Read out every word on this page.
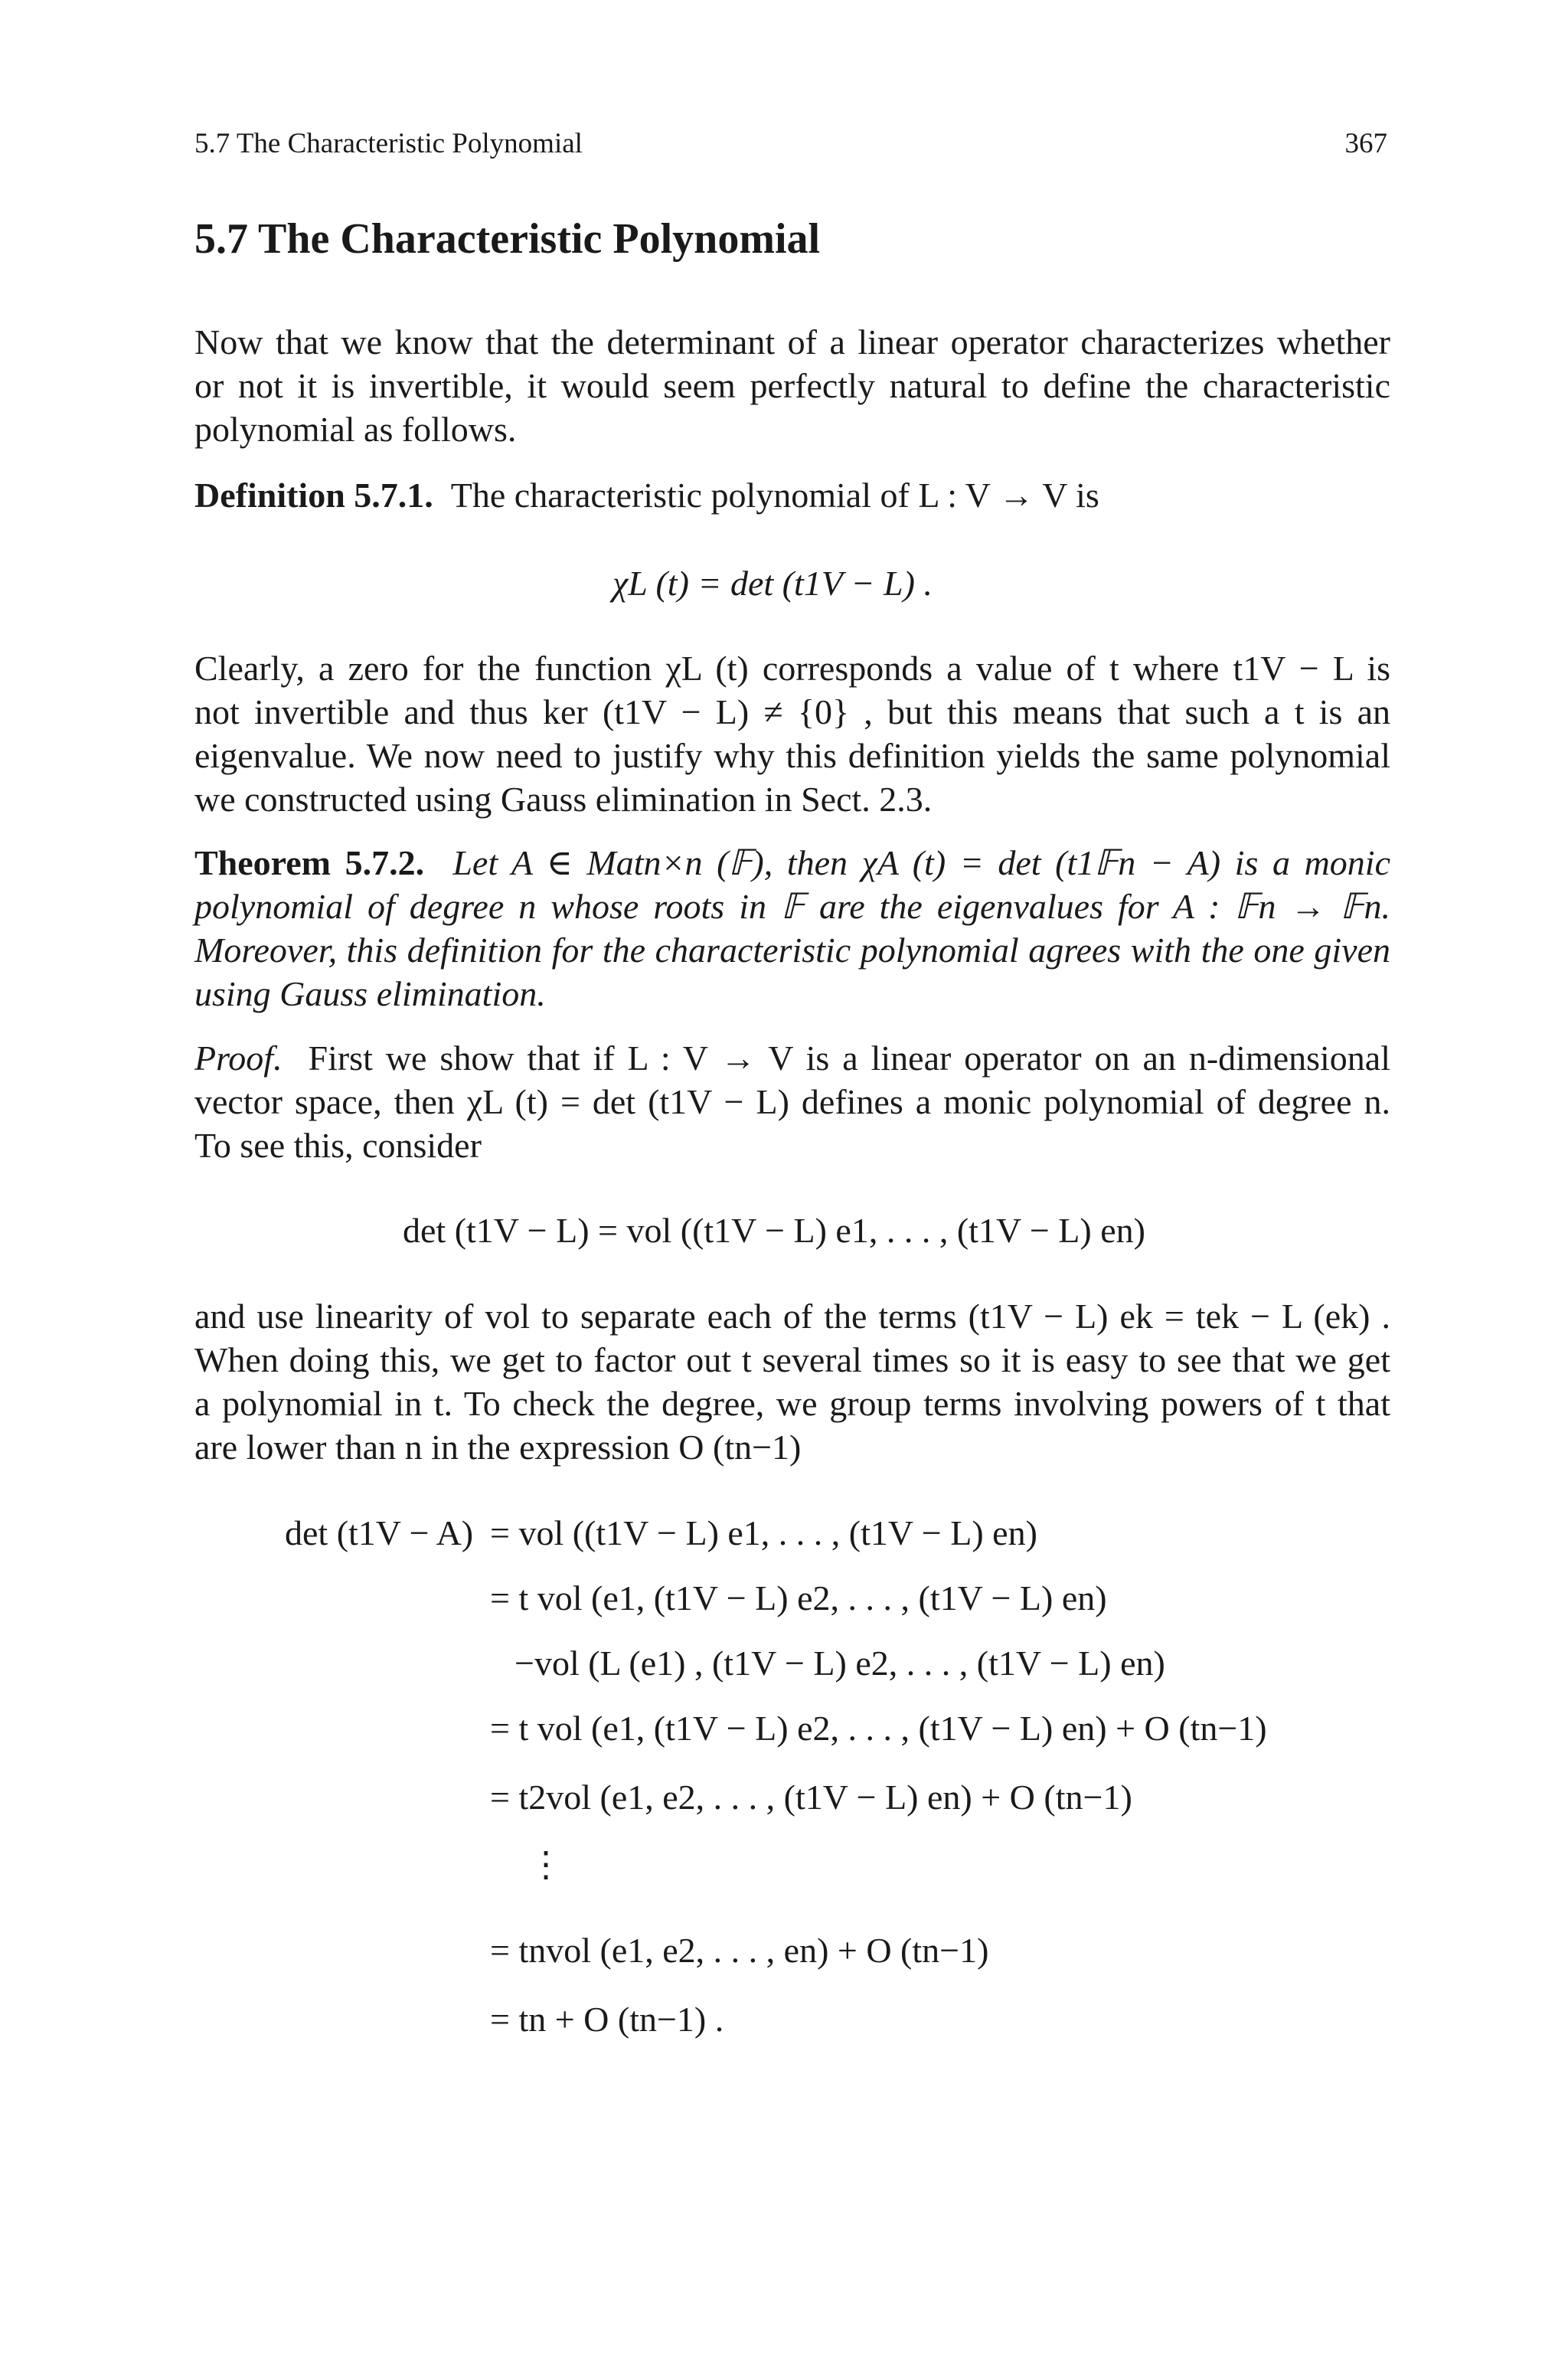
5.7 The Characteristic Polynomial	367
5.7 The Characteristic Polynomial
Now that we know that the determinant of a linear operator characterizes whether
or not it is invertible, it would seem perfectly natural to define the characteristic
polynomial as follows.
Definition 5.7.1. The characteristic polynomial of L : V → V is
χL (t) = det (t1V − L) .
Clearly, a zero for the function χL (t) corresponds a value of t where t1V − L is
not invertible and thus ker (t1V − L) ≠ {0} , but this means that such a t is an
eigenvalue. We now need to justify why this definition yields the same polynomial
we constructed using Gauss elimination in Sect. 2.3.
Theorem 5.7.2. Let A ∈ Matn×n (𝔽), then χA (t) = det (t1𝔽n − A) is a monic
polynomial of degree n whose roots in 𝔽 are the eigenvalues for A : 𝔽n → 𝔽n.
Moreover, this definition for the characteristic polynomial agrees with the one given
using Gauss elimination.
Proof. First we show that if L : V → V is a linear operator on an n-dimensional
vector space, then χL (t) = det (t1V − L) defines a monic polynomial of degree n.
To see this, consider
det (t1V − L) = vol ((t1V − L) e1, . . . , (t1V − L) en)
and use linearity of vol to separate each of the terms (t1V − L) ek = tek − L (ek) .
When doing this, we get to factor out t several times so it is easy to see that we get
a polynomial in t. To check the degree, we group terms involving powers of t that
are lower than n in the expression O (tn−1)
det (t1V − A) = vol ((t1V − L) e1, . . . , (t1V − L) en)
= t vol (e1, (t1V − L) e2, . . . , (t1V − L) en)
−vol (L (e1) , (t1V − L) e2, . . . , (t1V − L) en)
= t vol (e1, (t1V − L) e2, . . . , (t1V − L) en) + O (tn−1)
= t2vol (e1, e2, . . . , (t1V − L) en) + O (tn−1)
⋮
= tnvol (e1, e2, . . . , en) + O (tn−1)
= tn + O (tn−1) .
